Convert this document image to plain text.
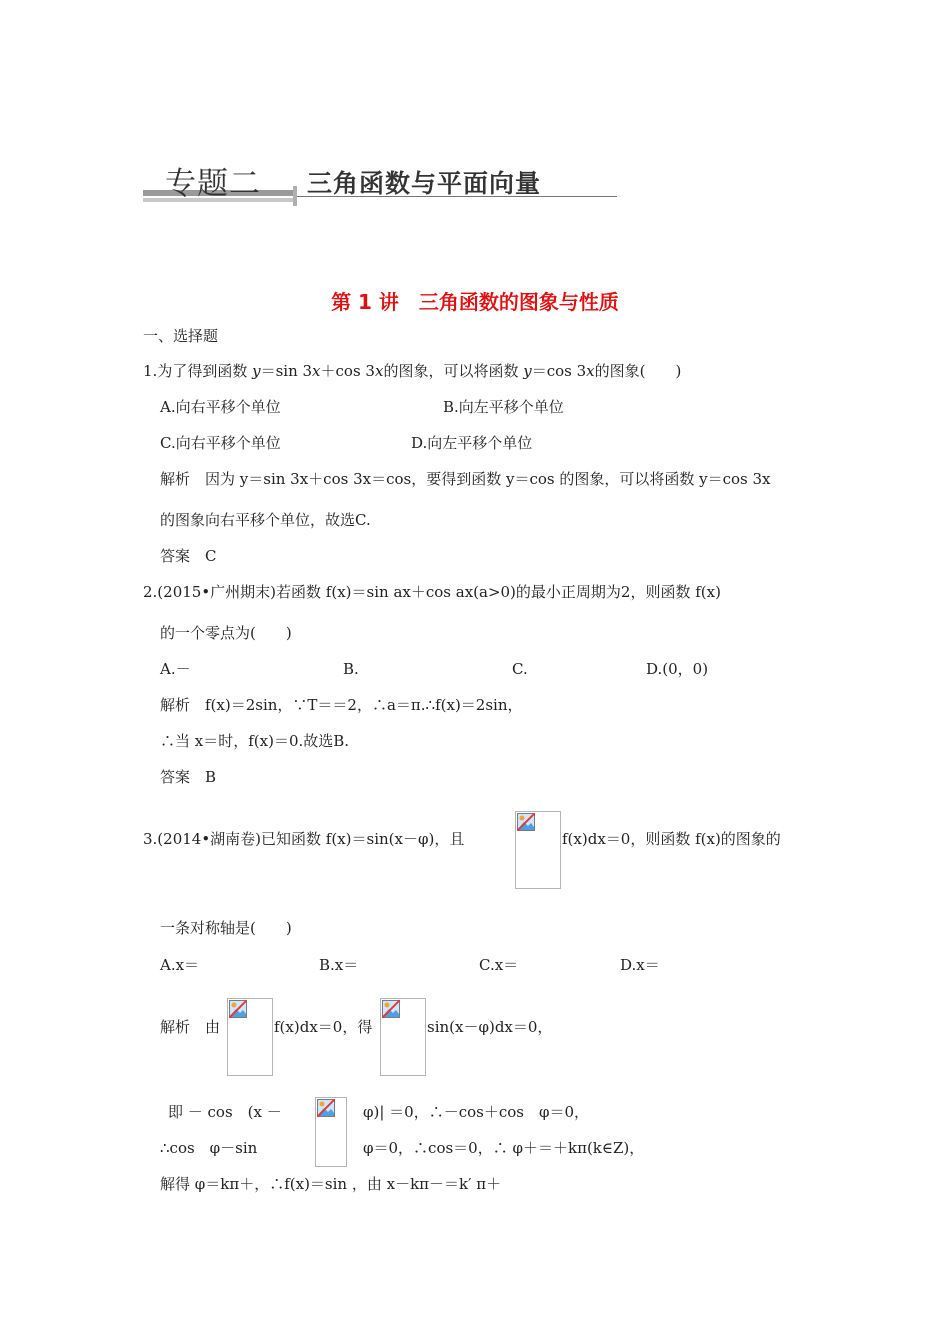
专题二 三角函数与平面向量
第 1 讲　三角函数的图象与性质
一、选择题
1.为了得到函数 y＝sin 3x＋cos 3x的图象，可以将函数 y＝cos 3x的图象(　　)
A.向右平移个单位	B.向左平移个单位
C.向右平移个单位	D.向左平移个单位
解析　因为 y＝sin 3x＋cos 3x＝cos，要得到函数 y＝cos 的图象，可以将函数 y＝cos 3x
的图象向右平移个单位，故选C.
答案　C
2.(2015•广州期末)若函数 f(x)＝sin ax＋cos ax(a>0)的最小正周期为2，则函数 f(x)
的一个零点为(　　)
A.－	B.	C.	D.(0，0)
解析　f(x)＝2sin，∵T＝＝2，∴a＝π.∴f(x)＝2sin，
∴当 x＝时，f(x)＝0.故选B.
答案　B
3.(2014•湖南卷)已知函数 f(x)＝sin(x－φ)，且	f(x)dx＝0，则函数 f(x)的图象的
一条对称轴是(　　)
A.x＝	B.x＝	C.x＝	D.x＝
解析　由	f(x)dx＝0，得	sin(x－φ)dx＝0，
即 － cos　(x －	φ)| ＝0，∴－cos＋cos　φ＝0，
∴cos　φ－sin	φ＝0，∴cos＝0，∴ φ＋＝＋kπ(k∈Z)，
解得 φ＝kπ＋，∴f(x)＝sin ，由 x－kπ－＝k′ π＋
